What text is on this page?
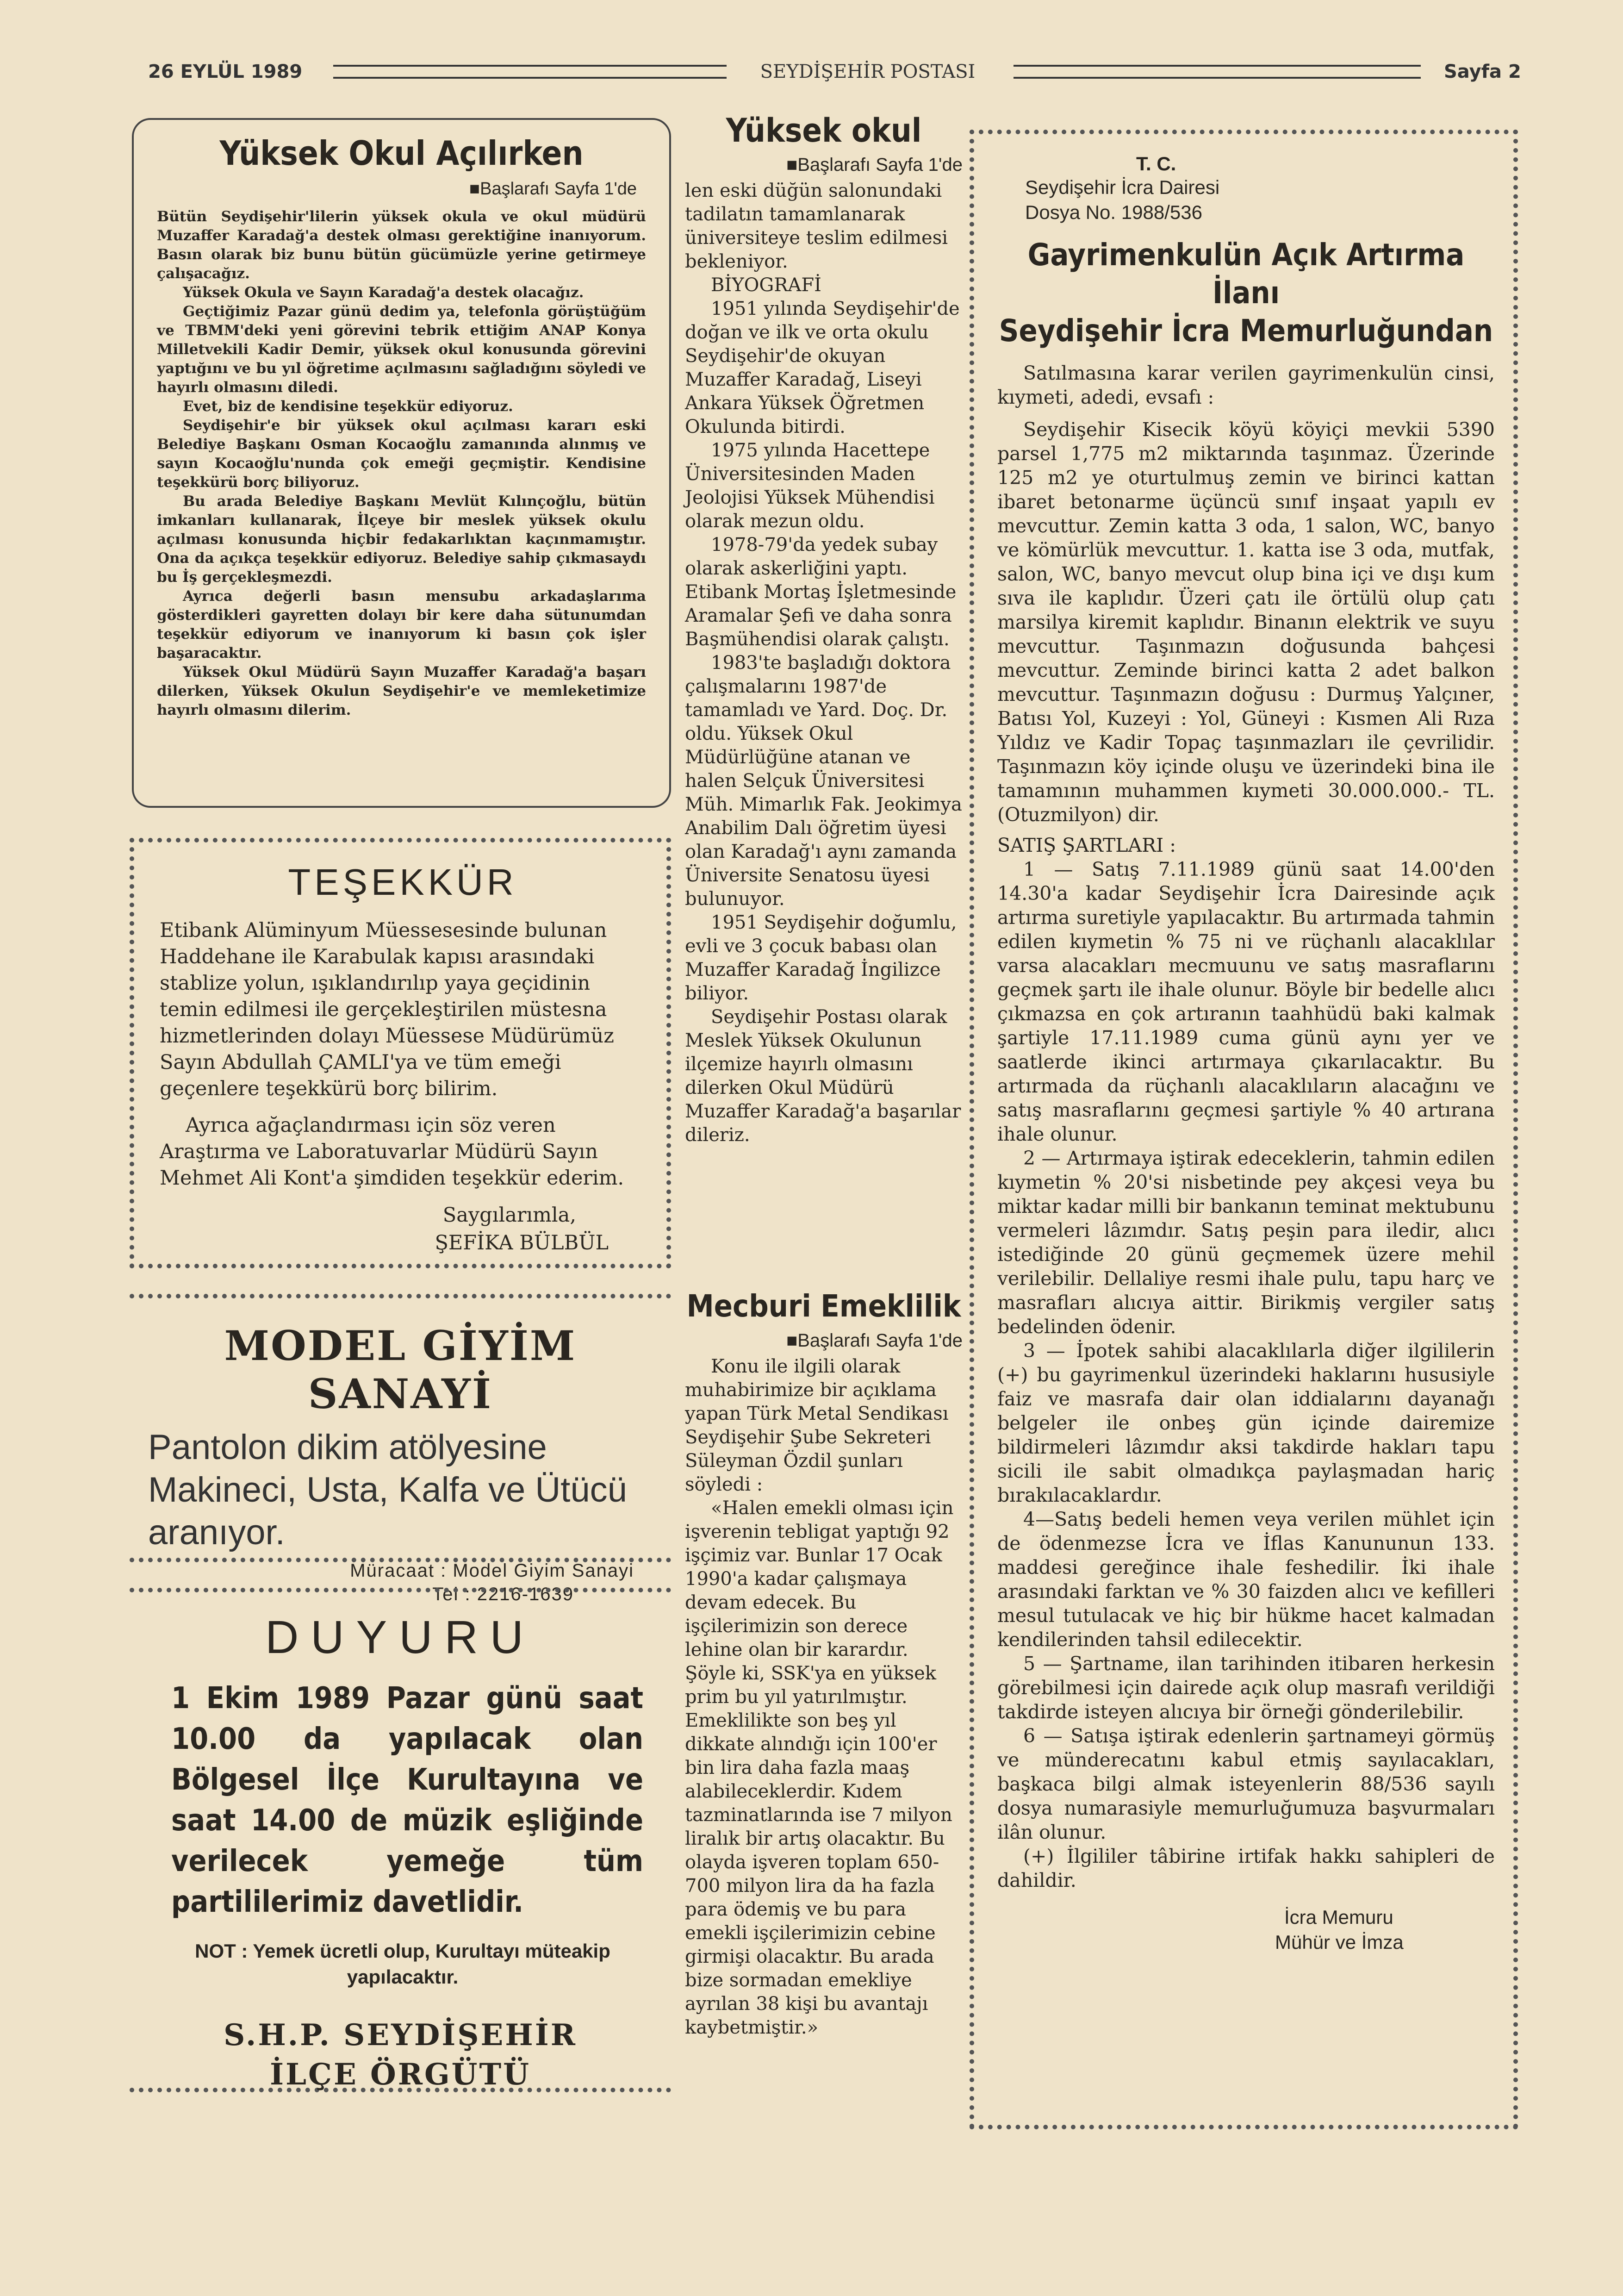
26 EYLÜL 1989	SEYDİŞEHİR POSTASI	Sayfa 2
Yüksek Okul Açılırken
■ Başlarafı Sayfa 1'de

Bütün Seydişehir'lilerin yüksek okula ve okul müdürü Muzaffer Karadağ'a destek olması gerektiğine inanıyorum. Basın olarak biz bunu bütün gücümüzle yerine getirmeye çalışacağız.

Yüksek Okula ve Sayın Karadağ'a destek olacağız.

Geçtiğimiz Pazar günü dedim ya, telefonla görüştüğüm ve TBMM'deki yeni görevini tebrik ettiğim ANAP Konya Milletvekili Kadir Demir, yüksek okul konusunda görevini yaptığını ve bu yıl öğretime açılmasını sağladığını söyledi ve hayırlı olmasını diledi.

Evet, biz de kendisine teşekkür ediyoruz.

Seydişehir'e bir yüksek okul açılması kararı eski Belediye Başkanı Osman Kocaoğlu zamanında alınmış ve sayın Kocaoğlu'nunda çok emeği geçmiştir. Kendisine teşekkürü borç biliyoruz.

Bu arada Belediye Başkanı Mevlüt Kılınçoğlu, bütün imkanları kullanarak, İlçeye bir meslek yüksek okulu açılması konusunda hiçbir fedakarlıktan kaçınmamıştır. Ona da açıkça teşekkür ediyoruz. Belediye sahip çıkmasaydı bu İş gerçekleşmezdi.

Ayrıca değerli basın mensubu arkadaşlarıma gösterdikleri gayretten dolayı bir kere daha sütunumdan teşekkür ediyorum ve inanıyorum ki basın çok işler başaracaktır.

Yüksek Okul Müdürü Sayın Muzaffer Karadağ'a başarı dilerken, Yüksek Okulun Seydişehir'e ve memleketimize hayırlı olmasını dilerim.

TEŞEKKÜR

Etibank Alüminyum Müessesesinde bulunan Haddehane ile Karabulak kapısı arasındaki stablize yolun, ışıklandırılıp yaya geçidinin temin edilmesi ile gerçekleştirilen müstesna hizmetlerinden dolayı Müessese Müdürümüz Sayın Abdullah ÇAMLI'ya ve tüm emeği geçenlere teşekkürü borç bilirim.

Ayrıca ağaçlandırması için söz veren Araştırma ve Laboratuvarlar Müdürü Sayın Mehmet Ali Kont'a şimdiden teşekkür ederim.

Saygılarımla,
ŞEFİKA BÜLBÜL
MODEL GİYİM SANAYİ
Pantolon dikim atölyesine Makineci, Usta, Kalfa ve Ütücü aranıyor.
Müracaat : Model Giyim Sanayi
Tel : 2216-1639
DUYURU
1 Ekim 1989 Pazar günü saat 10.00 da yapılacak olan Bölgesel İlçe Kurultayına ve saat 14.00 de müzik eşliğinde verilecek yemeğe tüm partililerimiz davetlidir.
NOT : Yemek ücretli olup, Kurultayı müteakip yapılacaktır.
S.H.P. SEYDİŞEHİR
İLÇE ÖRGÜTÜ
Yüksek okul
■ Başlarafı Sayfa 1'de

len eski düğün salonundaki tadilatın tamamlanarak üniversiteye teslim edilmesi bekleniyor.

BİYOGRAFİ

1951 yılında Seydişehir'de doğan ve ilk ve orta okulu Seydişehir'de okuyan Muzaffer Karadağ, Liseyi Ankara Yüksek Öğretmen Okulunda bitirdi.

1975 yılında Hacettepe Üniversitesinden Maden Jeolojisi Yüksek Mühendisi olarak mezun oldu.

1978-79'da yedek subay olarak askerliğini yaptı. Etibank Mortaş İşletmesinde Aramalar Şefi ve daha sonra Başmühendisi olarak çalıştı.

1983'te başladığı doktora çalışmalarını 1987'de tamamladı ve Yard. Doç. Dr. oldu. Yüksek Okul Müdürlüğüne atanan ve halen Selçuk Üniversitesi Müh. Mimarlık Fak. Jeokimya Anabilim Dalı öğretim üyesi olan Karadağ'ı aynı zamanda Üniversite Senatosu üyesi bulunuyor.

1951 Seydişehir doğumlu, evli ve 3 çocuk babası olan Muzaffer Karadağ İngilizce biliyor.

Seydişehir Postası olarak Meslek Yüksek Okulunun ilçemize hayırlı olmasını dilerken Okul Müdürü Muzaffer Karadağ'a başarılar dileriz.

Mecburi Emeklilik
■ Başlarafı Sayfa 1'de

Konu ile ilgili olarak muhabirimize bir açıklama yapan Türk Metal Sendikası Seydişehir Şube Sekreteri Süleyman Özdil şunları söyledi :

«Halen emekli olması için işverenin tebligat yaptığı 92 işçimiz var. Bunlar 17 Ocak 1990'a kadar çalışmaya devam edecek. Bu işçilerimizin son derece lehine olan bir karardır. Şöyle ki, SSK'ya en yüksek prim bu yıl yatırılmıştır. Emeklilikte son beş yıl dikkate alındığı için 100'er bin lira daha fazla maaş alabileceklerdir. Kıdem tazminatlarında ise 7 milyon liralık bir artış olacaktır. Bu olayda işveren toplam 650-700 milyon lira da ha fazla para ödemiş ve bu para emekli işçilerimizin cebine girmişi olacaktır. Bu arada bize sormadan emekliye ayrılan 38 kişi bu avantajı kaybetmiştir.»

T. C.
Seydişehir İcra Dairesi
Dosya No. 1988/536
Gayrimenkulün Açık Artırma İlanı
Seydişehir İcra Memurluğundan

Satılmasına karar verilen gayrimenkulün cinsi, kıymeti, adedi, evsafı :

Seydişehir Kisecik köyü köyiçi mevkii 5390 parsel 1,775 m2 miktarında taşınmaz. Üzerinde 125 m2 ye oturtulmuş zemin ve birinci kattan ibaret betonarme üçüncü sınıf inşaat yapılı ev mevcuttur. Zemin katta 3 oda, 1 salon, WC, banyo ve kömürlük mevcuttur. 1. katta ise 3 oda, mutfak, salon, WC, banyo mevcut olup bina içi ve dışı kum sıva ile kaplıdır. Üzeri çatı ile örtülü olup çatı marsilya kiremit kaplıdır. Binanın elektrik ve suyu mevcuttur. Taşınmazın doğusunda bahçesi mevcuttur. Zeminde birinci katta 2 adet balkon mevcuttur. Taşınmazın doğusu : Durmuş Yalçıner, Batısı Yol, Kuzeyi : Yol, Güneyi : Kısmen Ali Rıza Yıldız ve Kadir Topaç taşınmazları ile çevrilidir. Taşınmazın köy içinde oluşu ve üzerindeki bina ile tamamının muhammen kıymeti 30.000.000.- TL. (Otuzmilyon) dir.

SATIŞ ŞARTLARI :

1 — Satış 7.11.1989 günü saat 14.00'den 14.30'a kadar Seydişehir İcra Dairesinde açık artırma suretiyle yapılacaktır. Bu artırmada tahmin edilen kıymetin % 75 ni ve rüçhanlı alacaklılar varsa alacakları mecmuunu ve satış masraflarını geçmek şartı ile ihale olunur. Böyle bir bedelle alıcı çıkmazsa en çok artıranın taahhüdü baki kalmak şartiyle 17.11.1989 cuma günü aynı yer ve saatlerde ikinci artırmaya çıkarılacaktır. Bu artırmada da rüçhanlı alacaklıların alacağını ve satış masraflarını geçmesi şartiyle % 40 artırana ihale olunur.

2 — Artırmaya iştirak edeceklerin, tahmin edilen kıymetin % 20'si nisbetinde pey akçesi veya bu miktar kadar milli bir bankanın teminat mektubunu vermeleri lâzımdır. Satış peşin para iledir, alıcı istediğinde 20 günü geçmemek üzere mehil verilebilir. Dellaliye resmi ihale pulu, tapu harç ve masrafları alıcıya aittir. Birikmiş vergiler satış bedelinden ödenir.

3 — İpotek sahibi alacaklılarla diğer ilgililerin (+) bu gayrimenkul üzerindeki haklarını hususiyle faiz ve masrafa dair olan iddialarını dayanağı belgeler ile onbeş gün içinde dairemize bildirmeleri lâzımdır aksi takdirde hakları tapu sicili ile sabit olmadıkça paylaşmadan hariç bırakılacaklardır.

4—Satış bedeli hemen veya verilen mühlet için de ödenmezse İcra ve İflas Kanununun 133. maddesi gereğince ihale feshedilir. İki ihale arasındaki farktan ve % 30 faizden alıcı ve kefilleri mesul tutulacak ve hiç bir hükme hacet kalmadan kendilerinden tahsil edilecektir.

5 — Şartname, ilan tarihinden itibaren herkesin görebilmesi için dairede açık olup masrafı verildiği takdirde isteyen alıcıya bir örneği gönderilebilir.

6 — Satışa iştirak edenlerin şartnameyi görmüş ve münderecatını kabul etmiş sayılacakları, başkaca bilgi almak isteyenlerin 88/536 sayılı dosya numarasiyle memurluğumuza başvurmaları ilân olunur.

(+) İlgililer tâbirine irtifak hakkı sahipleri de dahildir.

İcra Memuru
Mühür ve İmza
